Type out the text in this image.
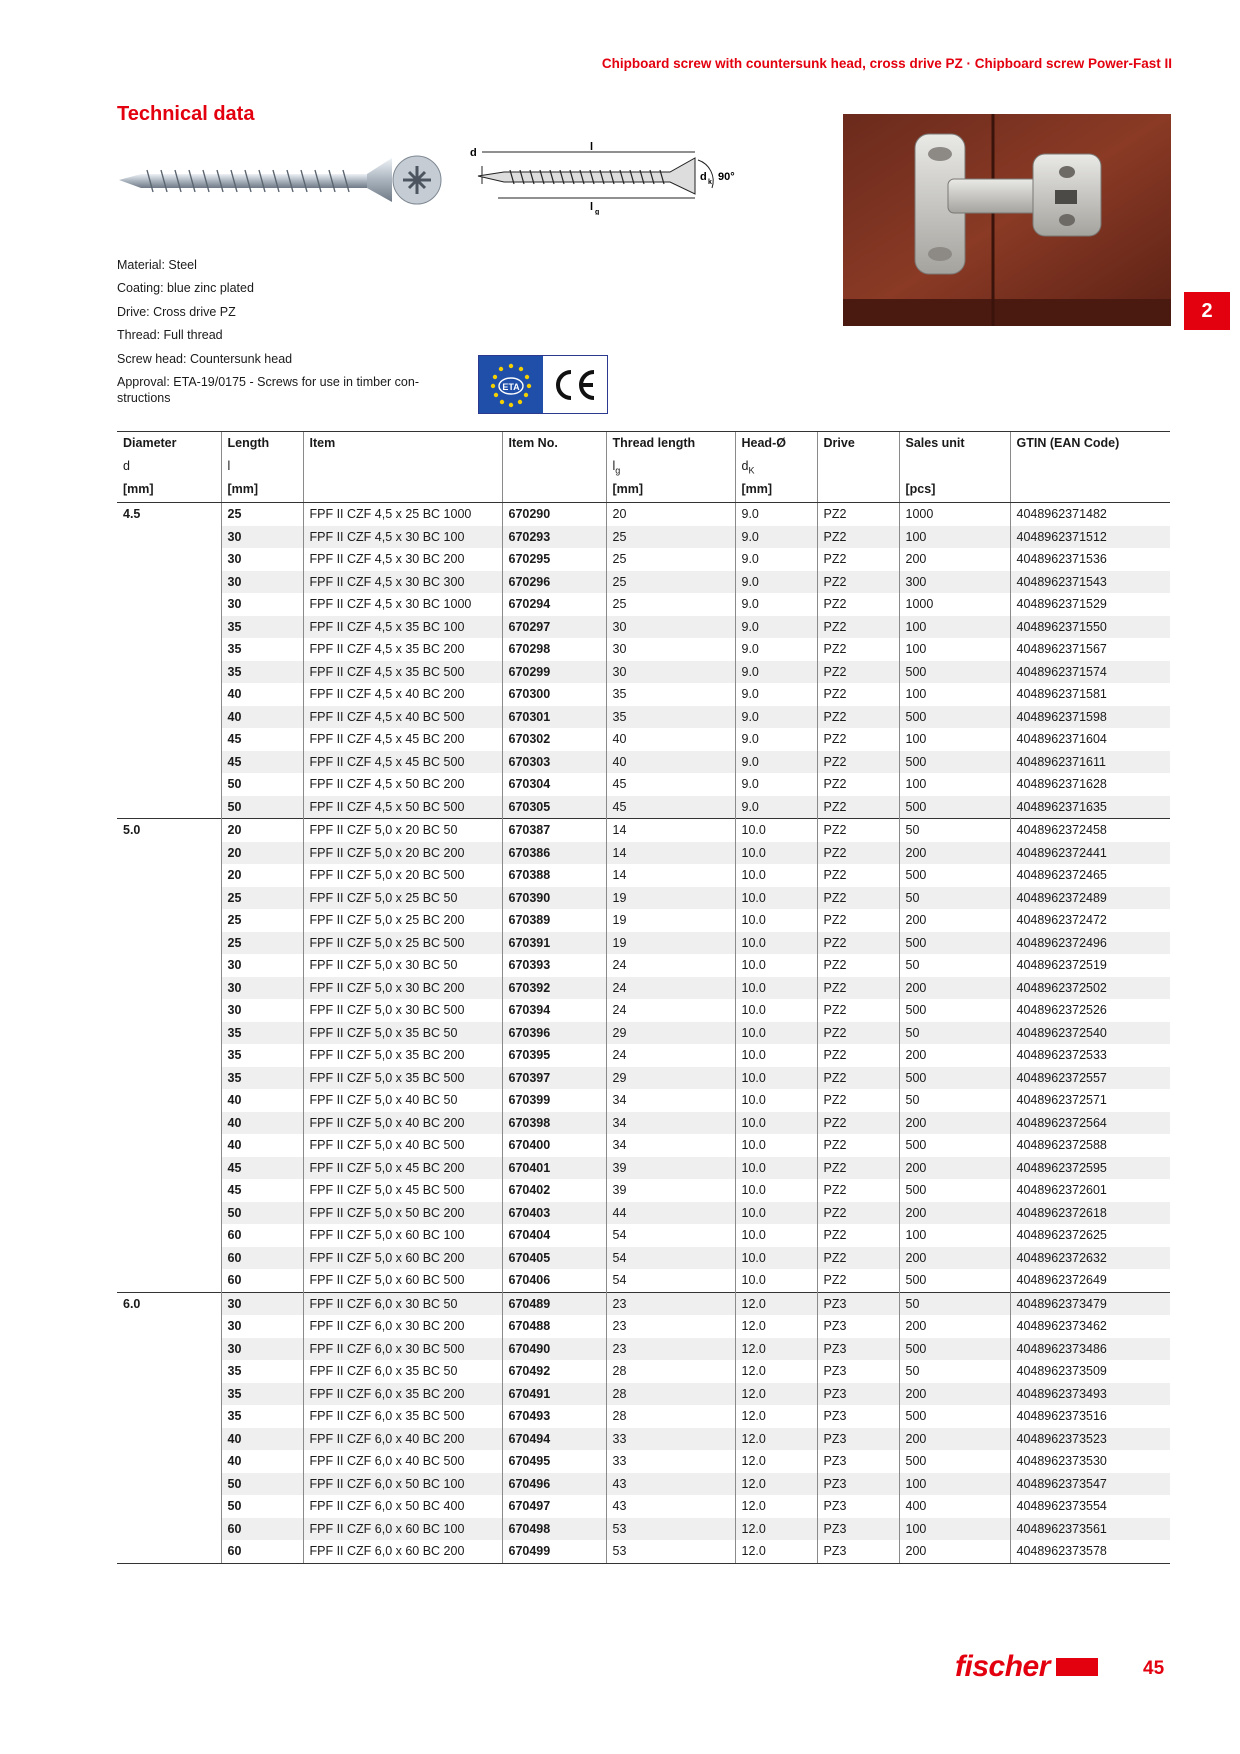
Chipboard screw with countersunk head, cross drive PZ · Chipboard screw Power-Fast II
Technical data
d	l
d k 90°
l g
2
Material: Steel
Coating: blue zinc plated
Drive: Cross drive PZ
Thread: Full thread
Screw head: Countersunk head
Approval: ETA-19/0175 - Screws for use in timber con-structions
ETA
Diameter	Length	Item	Item No.	Thread length	Head-Ø	Drive	Sales unit	GTIN (EAN Code)
d	l			$l_g$	$d_K$			
[mm]	[mm]			[mm]	[mm]		[pcs]	
4.5	25	FPF II CZF 4,5 x 25 BC 1000	670290	20	9.0	PZ2	1000	4048962371482
	30	FPF II CZF 4,5 x 30 BC 100	670293	25	9.0	PZ2	100	4048962371512
	30	FPF II CZF 4,5 x 30 BC 200	670295	25	9.0	PZ2	200	4048962371536
	30	FPF II CZF 4,5 x 30 BC 300	670296	25	9.0	PZ2	300	4048962371543
	30	FPF II CZF 4,5 x 30 BC 1000	670294	25	9.0	PZ2	1000	4048962371529
	35	FPF II CZF 4,5 x 35 BC 100	670297	30	9.0	PZ2	100	4048962371550
	35	FPF II CZF 4,5 x 35 BC 200	670298	30	9.0	PZ2	100	4048962371567
	35	FPF II CZF 4,5 x 35 BC 500	670299	30	9.0	PZ2	500	4048962371574
	40	FPF II CZF 4,5 x 40 BC 200	670300	35	9.0	PZ2	100	4048962371581
	40	FPF II CZF 4,5 x 40 BC 500	670301	35	9.0	PZ2	500	4048962371598
	45	FPF II CZF 4,5 x 45 BC 200	670302	40	9.0	PZ2	100	4048962371604
	45	FPF II CZF 4,5 x 45 BC 500	670303	40	9.0	PZ2	500	4048962371611
	50	FPF II CZF 4,5 x 50 BC 200	670304	45	9.0	PZ2	100	4048962371628
	50	FPF II CZF 4,5 x 50 BC 500	670305	45	9.0	PZ2	500	4048962371635
5.0	20	FPF II CZF 5,0 x 20 BC 50	670387	14	10.0	PZ2	50	4048962372458
	20	FPF II CZF 5,0 x 20 BC 200	670386	14	10.0	PZ2	200	4048962372441
	20	FPF II CZF 5,0 x 20 BC 500	670388	14	10.0	PZ2	500	4048962372465
	25	FPF II CZF 5,0 x 25 BC 50	670390	19	10.0	PZ2	50	4048962372489
	25	FPF II CZF 5,0 x 25 BC 200	670389	19	10.0	PZ2	200	4048962372472
	25	FPF II CZF 5,0 x 25 BC 500	670391	19	10.0	PZ2	500	4048962372496
	30	FPF II CZF 5,0 x 30 BC 50	670393	24	10.0	PZ2	50	4048962372519
	30	FPF II CZF 5,0 x 30 BC 200	670392	24	10.0	PZ2	200	4048962372502
	30	FPF II CZF 5,0 x 30 BC 500	670394	24	10.0	PZ2	500	4048962372526
	35	FPF II CZF 5,0 x 35 BC 50	670396	29	10.0	PZ2	50	4048962372540
	35	FPF II CZF 5,0 x 35 BC 200	670395	24	10.0	PZ2	200	4048962372533
	35	FPF II CZF 5,0 x 35 BC 500	670397	29	10.0	PZ2	500	4048962372557
	40	FPF II CZF 5,0 x 40 BC 50	670399	34	10.0	PZ2	50	4048962372571
	40	FPF II CZF 5,0 x 40 BC 200	670398	34	10.0	PZ2	200	4048962372564
	40	FPF II CZF 5,0 x 40 BC 500	670400	34	10.0	PZ2	500	4048962372588
	45	FPF II CZF 5,0 x 45 BC 200	670401	39	10.0	PZ2	200	4048962372595
	45	FPF II CZF 5,0 x 45 BC 500	670402	39	10.0	PZ2	500	4048962372601
	50	FPF II CZF 5,0 x 50 BC 200	670403	44	10.0	PZ2	200	4048962372618
	60	FPF II CZF 5,0 x 60 BC 100	670404	54	10.0	PZ2	100	4048962372625
	60	FPF II CZF 5,0 x 60 BC 200	670405	54	10.0	PZ2	200	4048962372632
	60	FPF II CZF 5,0 x 60 BC 500	670406	54	10.0	PZ2	500	4048962372649
6.0	30	FPF II CZF 6,0 x 30 BC 50	670489	23	12.0	PZ3	50	4048962373479
	30	FPF II CZF 6,0 x 30 BC 200	670488	23	12.0	PZ3	200	4048962373462
	30	FPF II CZF 6,0 x 30 BC 500	670490	23	12.0	PZ3	500	4048962373486
	35	FPF II CZF 6,0 x 35 BC 50	670492	28	12.0	PZ3	50	4048962373509
	35	FPF II CZF 6,0 x 35 BC 200	670491	28	12.0	PZ3	200	4048962373493
	35	FPF II CZF 6,0 x 35 BC 500	670493	28	12.0	PZ3	500	4048962373516
	40	FPF II CZF 6,0 x 40 BC 200	670494	33	12.0	PZ3	200	4048962373523
	40	FPF II CZF 6,0 x 40 BC 500	670495	33	12.0	PZ3	500	4048962373530
	50	FPF II CZF 6,0 x 50 BC 100	670496	43	12.0	PZ3	100	4048962373547
	50	FPF II CZF 6,0 x 50 BC 400	670497	43	12.0	PZ3	400	4048962373554
	60	FPF II CZF 6,0 x 60 BC 100	670498	53	12.0	PZ3	100	4048962373561
	60	FPF II CZF 6,0 x 60 BC 200	670499	53	12.0	PZ3	200	4048962373578
fischer	45
